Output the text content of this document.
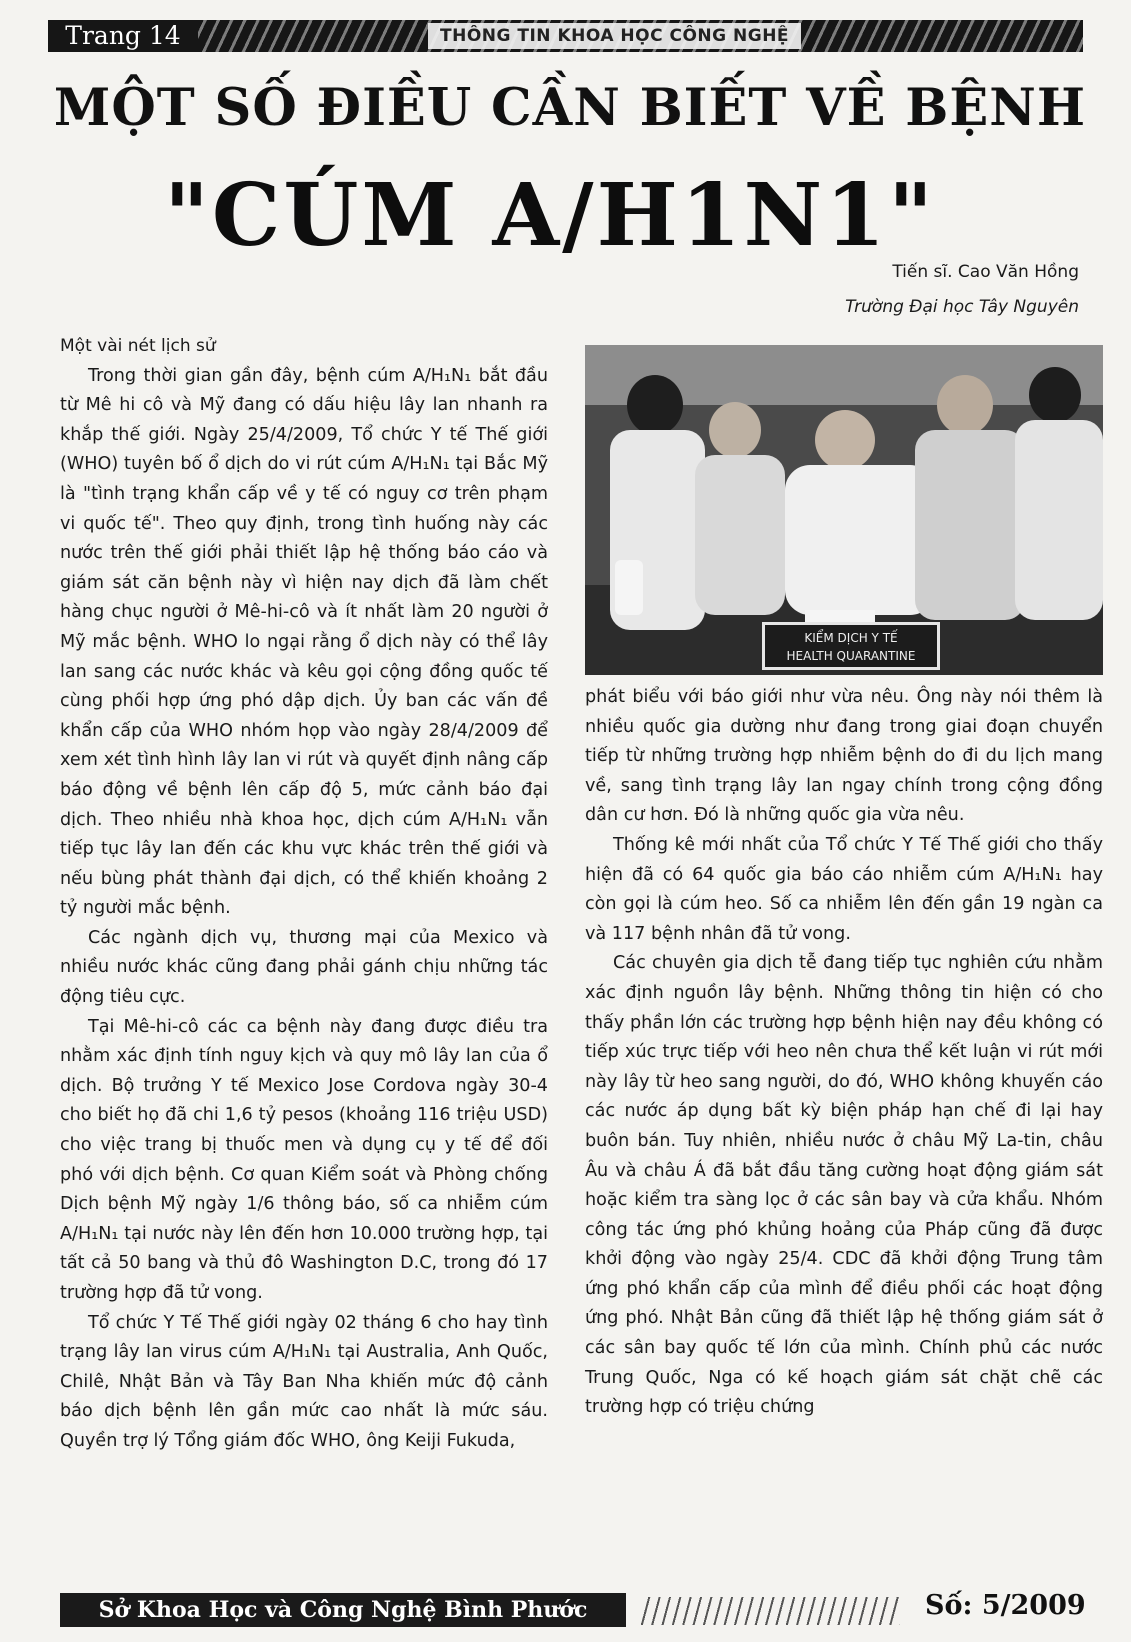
Trang 14	THÔNG TIN KHOA HỌC CÔNG NGHỆ
MỘT SỐ ĐIỀU CẦN BIẾT VỀ BỆNH
"CÚM A/H1N1"
Tiến sĩ. Cao Văn Hồng
Trường Đại học Tây Nguyên

Một vài nét lịch sử

Trong thời gian gần đây, bệnh cúm A/H₁N₁ bắt đầu từ Mê hi cô và Mỹ đang có dấu hiệu lây lan nhanh ra khắp thế giới. Ngày 25/4/2009, Tổ chức Y tế Thế giới (WHO) tuyên bố ổ dịch do vi rút cúm A/H₁N₁ tại Bắc Mỹ là "tình trạng khẩn cấp về y tế có nguy cơ trên phạm vi quốc tế". Theo quy định, trong tình huống này các nước trên thế giới phải thiết lập hệ thống báo cáo và giám sát căn bệnh này vì hiện nay dịch đã làm chết hàng chục người ở Mê-hi-cô và ít nhất làm 20 người ở Mỹ mắc bệnh. WHO lo ngại rằng ổ dịch này có thể lây lan sang các nước khác và kêu gọi cộng đồng quốc tế cùng phối hợp ứng phó dập dịch. Ủy ban các vấn đề khẩn cấp của WHO nhóm họp vào ngày 28/4/2009 để xem xét tình hình lây lan vi rút và quyết định nâng cấp báo động về bệnh lên cấp độ 5, mức cảnh báo đại dịch. Theo nhiều nhà khoa học, dịch cúm A/H₁N₁ vẫn tiếp tục lây lan đến các khu vực khác trên thế giới và nếu bùng phát thành đại dịch, có thể khiến khoảng 2 tỷ người mắc bệnh.

Các ngành dịch vụ, thương mại của Mexico và nhiều nước khác cũng đang phải gánh chịu những tác động tiêu cực.

Tại Mê-hi-cô các ca bệnh này đang được điều tra nhằm xác định tính nguy kịch và quy mô lây lan của ổ dịch. Bộ trưởng Y tế Mexico Jose Cordova ngày 30-4 cho biết họ đã chi 1,6 tỷ pesos (khoảng 116 triệu USD) cho việc trang bị thuốc men và dụng cụ y tế để đối phó với dịch bệnh. Cơ quan Kiểm soát và Phòng chống Dịch bệnh Mỹ ngày 1/6 thông báo, số ca nhiễm cúm A/H₁N₁ tại nước này lên đến hơn 10.000 trường hợp, tại tất cả 50 bang và thủ đô Washington D.C, trong đó 17 trường hợp đã tử vong.

Tổ chức Y Tế Thế giới ngày 02 tháng 6 cho hay tình trạng lây lan virus cúm A/H₁N₁ tại Australia, Anh Quốc, Chilê, Nhật Bản và Tây Ban Nha khiến mức độ cảnh báo dịch bệnh lên gần mức cao nhất là mức sáu. Quyền trợ lý Tổng giám đốc WHO, ông Keiji Fukuda,

KIỂM DỊCH Y TẾ
HEALTH QUARANTINE

phát biểu với báo giới như vừa nêu. Ông này nói thêm là nhiều quốc gia dường như đang trong giai đoạn chuyển tiếp từ những trường hợp nhiễm bệnh do đi du lịch mang về, sang tình trạng lây lan ngay chính trong cộng đồng dân cư hơn. Đó là những quốc gia vừa nêu.

Thống kê mới nhất của Tổ chức Y Tế Thế giới cho thấy hiện đã có 64 quốc gia báo cáo nhiễm cúm A/H₁N₁ hay còn gọi là cúm heo. Số ca nhiễm lên đến gần 19 ngàn ca và 117 bệnh nhân đã tử vong.

Các chuyên gia dịch tễ đang tiếp tục nghiên cứu nhằm xác định nguồn lây bệnh. Những thông tin hiện có cho thấy phần lớn các trường hợp bệnh hiện nay đều không có tiếp xúc trực tiếp với heo nên chưa thể kết luận vi rút mới này lây từ heo sang người, do đó, WHO không khuyến cáo các nước áp dụng bất kỳ biện pháp hạn chế đi lại hay buôn bán. Tuy nhiên, nhiều nước ở châu Mỹ La-tin, châu Âu và châu Á đã bắt đầu tăng cường hoạt động giám sát hoặc kiểm tra sàng lọc ở các sân bay và cửa khẩu. Nhóm công tác ứng phó khủng hoảng của Pháp cũng đã được khởi động vào ngày 25/4. CDC đã khởi động Trung tâm ứng phó khẩn cấp của mình để điều phối các hoạt động ứng phó. Nhật Bản cũng đã thiết lập hệ thống giám sát ở các sân bay quốc tế lớn của mình. Chính phủ các nước Trung Quốc, Nga có kế hoạch giám sát chặt chẽ các trường hợp có triệu chứng

Sở Khoa Học và Công Nghệ Bình Phước	Số: 5/2009
